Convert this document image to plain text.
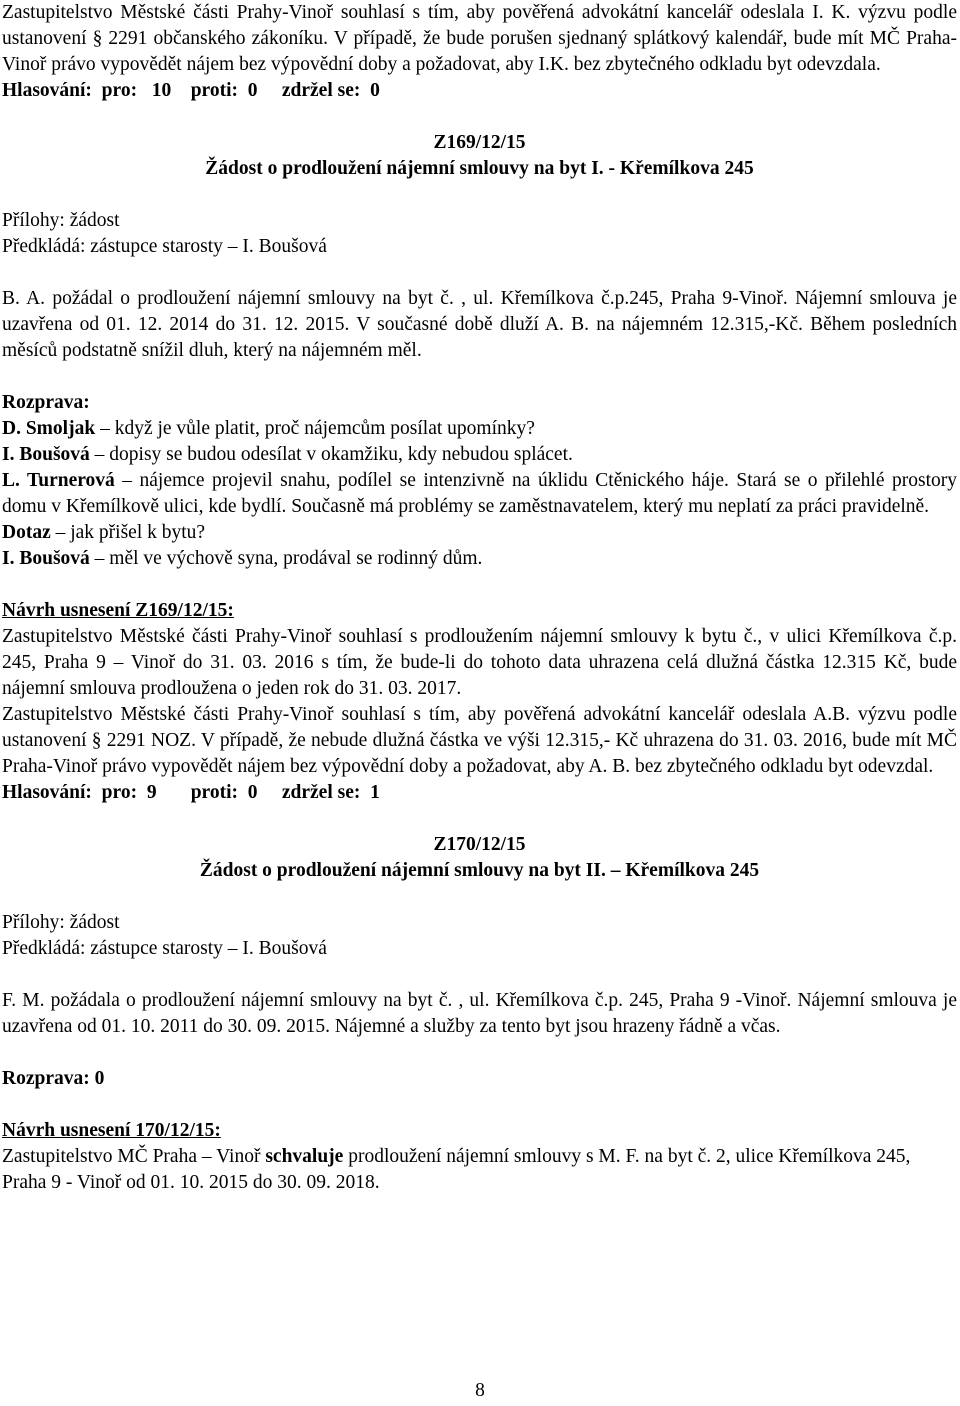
Zastupitelstvo Městské části Prahy-Vinoř souhlasí s tím, aby pověřená advokátní kancelář odeslala I. K. výzvu podle ustanovení § 2291 občanského zákoníku. V případě, že bude porušen sjednaný splátkový kalendář, bude mít MČ Praha-Vinoř právo vypovědět nájem bez výpovědní doby a požadovat, aby I.K. bez zbytečného odkladu byt odevzdala.

Hlasování:  pro:   10    proti:  0     zdržel se:  0

Z169/12/15

Žádost o prodloužení nájemní smlouvy na byt I. - Křemílkova 245

Přílohy: žádost

Předkládá: zástupce starosty – I. Boušová

B. A. požádal o prodloužení nájemní smlouvy na byt č. , ul. Křemílkova č.p.245, Praha 9-Vinoř. Nájemní smlouva je uzavřena od 01. 12. 2014 do 31. 12. 2015. V současné době dluží A. B. na nájemném 12.315,-Kč. Během posledních měsíců podstatně snížil dluh, který na nájemném měl.

Rozprava:

D. Smoljak – když je vůle platit, proč nájemcům posílat upomínky?

I. Boušová – dopisy se budou odesílat v okamžiku, kdy nebudou splácet.

L. Turnerová – nájemce projevil snahu, podílel se intenzivně na úklidu Ctěnického háje. Stará se o přilehlé prostory domu v Křemílkově ulici, kde bydlí. Současně má problémy se zaměstnavatelem, který mu neplatí za práci pravidelně.

Dotaz – jak přišel k bytu?

I. Boušová – měl ve výchově syna, prodával se rodinný dům.

Návrh usnesení Z169/12/15:

Zastupitelstvo Městské části Prahy-Vinoř souhlasí s prodloužením nájemní smlouvy k bytu č., v ulici Křemílkova č.p. 245, Praha 9 – Vinoř do 31. 03. 2016 s tím, že bude-li do tohoto data uhrazena celá dlužná částka 12.315 Kč, bude nájemní smlouva prodloužena o jeden rok do 31. 03. 2017.

Zastupitelstvo Městské části Prahy-Vinoř souhlasí s tím, aby pověřená advokátní kancelář odeslala A.B. výzvu podle ustanovení § 2291 NOZ. V případě, že nebude dlužná částka ve výši 12.315,- Kč uhrazena do 31. 03. 2016, bude mít MČ Praha-Vinoř právo vypovědět nájem bez výpovědní doby a požadovat, aby A. B. bez zbytečného odkladu byt odevzdal.

Hlasování:  pro:  9       proti:  0     zdržel se:  1

Z170/12/15

Žádost o prodloužení nájemní smlouvy na byt II. – Křemílkova 245

Přílohy: žádost

Předkládá: zástupce starosty – I. Boušová

F. M. požádala o prodloužení nájemní smlouvy na byt č. , ul. Křemílkova č.p. 245, Praha 9 -Vinoř. Nájemní smlouva je uzavřena od 01. 10. 2011 do 30. 09. 2015. Nájemné a služby za tento byt jsou hrazeny řádně a včas.

Rozprava: 0

Návrh usnesení 170/12/15:

Zastupitelstvo MČ Praha – Vinoř schvaluje prodloužení nájemní smlouvy s M. F. na byt č. 2, ulice Křemílkova 245, Praha 9 - Vinoř od 01. 10. 2015 do 30. 09. 2018.

8
